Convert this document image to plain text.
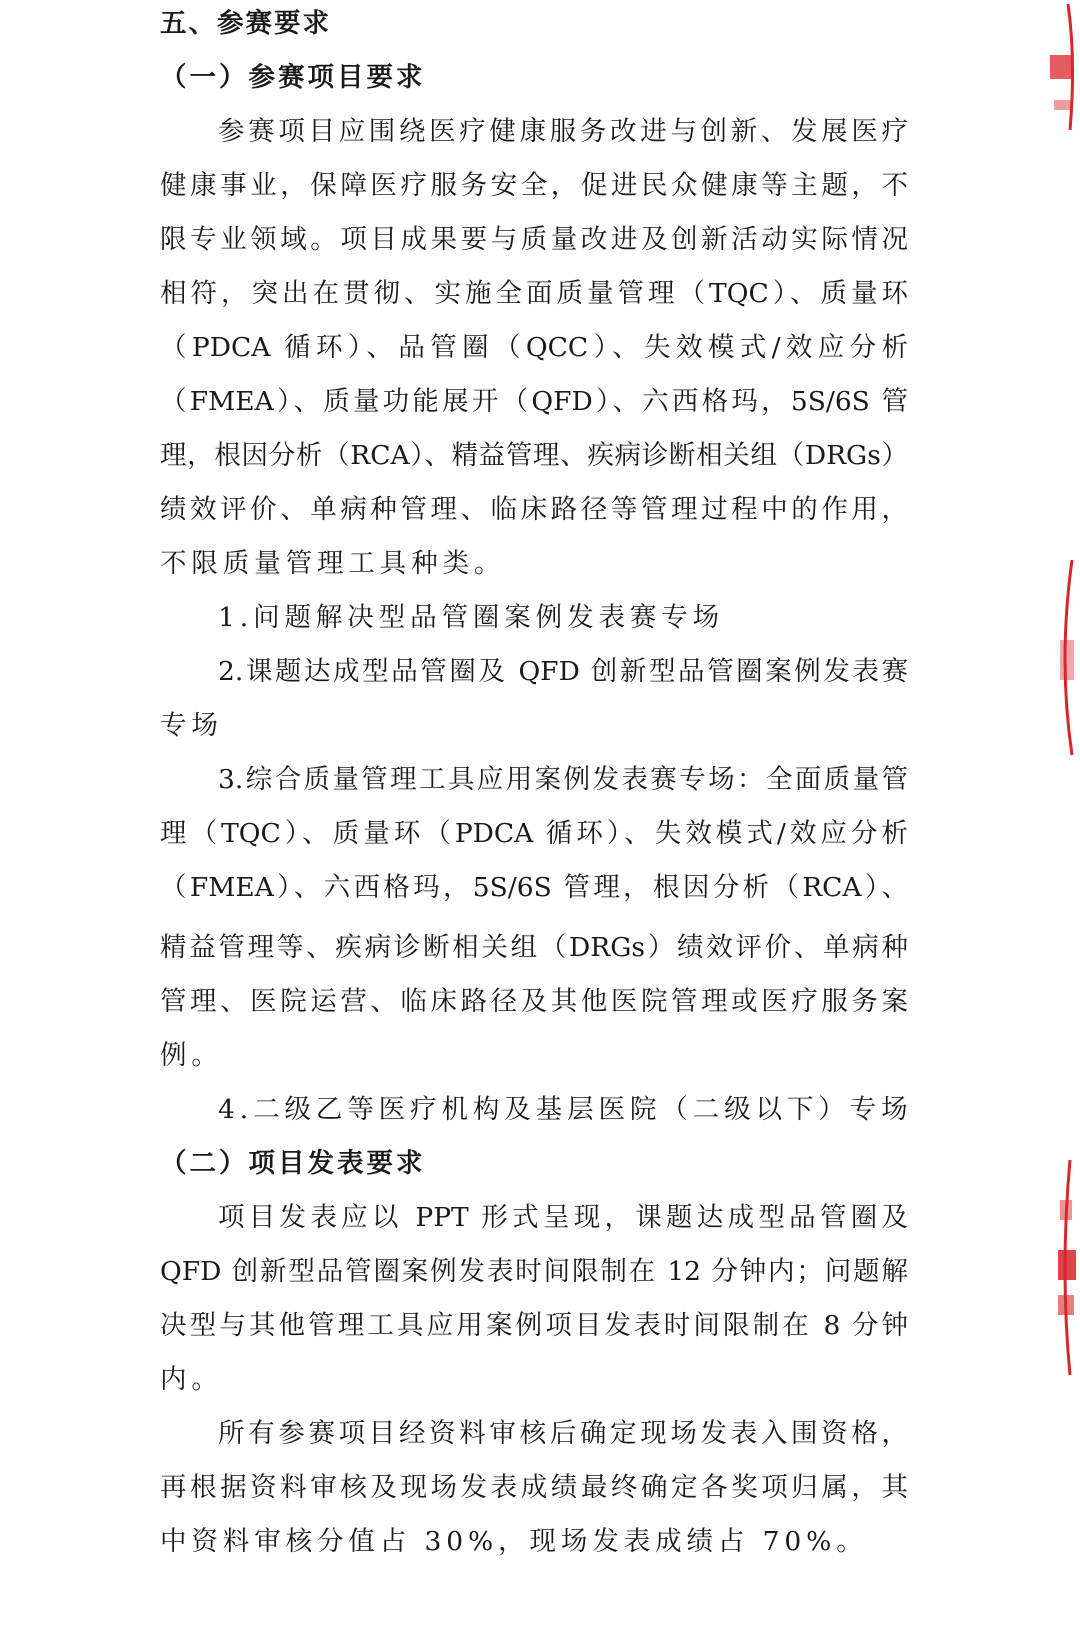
五、参赛要求
（一）参赛项目要求
参赛项目应围绕医疗健康服务改进与创新、发展医疗
健康事业，保障医疗服务安全，促进民众健康等主题，不
限专业领域。项目成果要与质量改进及创新活动实际情况
相符，突出在贯彻、实施全面质量管理（TQC）、质量环
（PDCA 循环）、品管圈（QCC）、失效模式/效应分析
（FMEA）、质量功能展开（QFD）、六西格玛，5S/6S 管
理，根因分析（RCA）、精益管理、疾病诊断相关组（DRGs）
绩效评价、单病种管理、临床路径等管理过程中的作用，
不限质量管理工具种类。
1.问题解决型品管圈案例发表赛专场
2.课题达成型品管圈及 QFD 创新型品管圈案例发表赛
专场
3.综合质量管理工具应用案例发表赛专场：全面质量管
理（TQC）、质量环（PDCA 循环）、失效模式/效应分析
（FMEA）、六西格玛，5S/6S 管理，根因分析（RCA）、
精益管理等、疾病诊断相关组（DRGs）绩效评价、单病种
管理、医院运营、临床路径及其他医院管理或医疗服务案
例。
4.二级乙等医疗机构及基层医院（二级以下）专场
（二）项目发表要求
项目发表应以 PPT 形式呈现，课题达成型品管圈及
QFD 创新型品管圈案例发表时间限制在 12 分钟内；问题解
决型与其他管理工具应用案例项目发表时间限制在 8 分钟
内。
所有参赛项目经资料审核后确定现场发表入围资格，
再根据资料审核及现场发表成绩最终确定各奖项归属，其
中资料审核分值占 30%，现场发表成绩占 70%。
